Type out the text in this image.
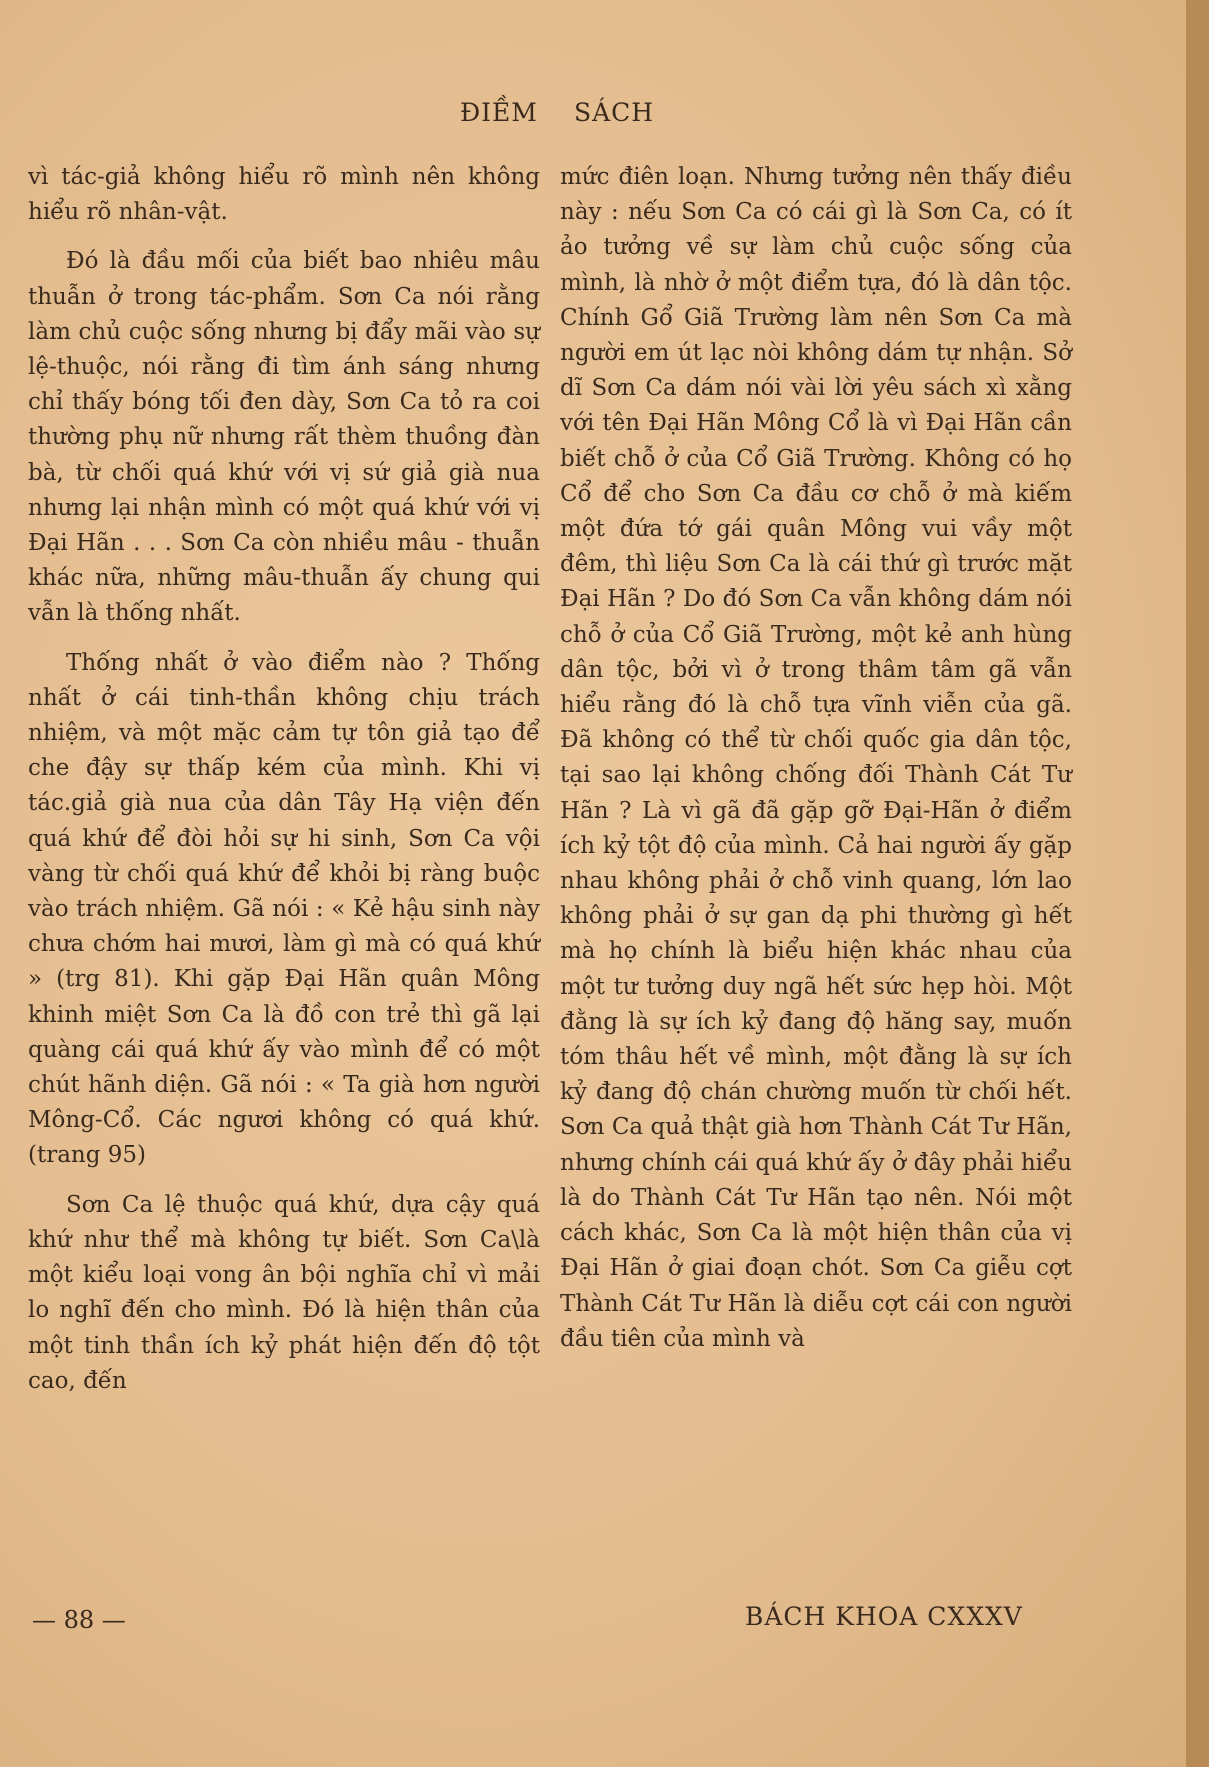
ĐIỀM SÁCH

vì tác-giả không hiểu rõ mình nên không hiểu rõ nhân-vật.

Đó là đầu mối của biết bao nhiêu mâu thuẫn ở trong tác-phẩm. Sơn Ca nói rằng làm chủ cuộc sống nhưng bị đẩy mãi vào sự lệ-thuộc, nói rằng đi tìm ánh sáng nhưng chỉ thấy bóng tối đen dày, Sơn Ca tỏ ra coi thường phụ nữ nhưng rất thèm thuồng đàn bà, từ chối quá khứ với vị sứ giả già nua nhưng lại nhận mình có một quá khứ với vị Đại Hãn . . . Sơn Ca còn nhiều mâu - thuẫn khác nữa, những mâu-thuẫn ấy chung qui vẫn là thống nhất.

Thống nhất ở vào điểm nào ? Thống nhất ở cái tinh-thần không chịu trách nhiệm, và một mặc cảm tự tôn giả tạo để che đậy sự thấp kém của mình. Khi vị tác.giả già nua của dân Tây Hạ viện đến quá khứ để đòi hỏi sự hi sinh, Sơn Ca vội vàng từ chối quá khứ để khỏi bị ràng buộc vào trách nhiệm. Gã nói : « Kẻ hậu sinh này chưa chớm hai mươi, làm gì mà có quá khứ » (trg 81). Khi gặp Đại Hãn quân Mông khinh miệt Sơn Ca là đồ con trẻ thì gã lại quàng cái quá khứ ấy vào mình để có một chút hãnh diện. Gã nói : « Ta già hơn người Mông-Cổ. Các ngươi không có quá khứ. (trang 95)

Sơn Ca lệ thuộc quá khứ, dựa cậy quá khứ như thể mà không tự biết. Sơn Ca\là một kiểu loại vong ân bội nghĩa chỉ vì mải lo nghĩ đến cho mình. Đó là hiện thân của một tinh thần ích kỷ phát hiện đến độ tột cao, đến

mức điên loạn. Nhưng tưởng nên thấy điều này : nếu Sơn Ca có cái gì là Sơn Ca, có ít ảo tưởng về sự làm chủ cuộc sống của mình, là nhờ ở một điểm tựa, đó là dân tộc. Chính Gổ Giã Trường làm nên Sơn Ca mà người em út lạc nòi không dám tự nhận. Sở dĩ Sơn Ca dám nói vài lời yêu sách xì xằng với tên Đại Hãn Mông Cổ là vì Đại Hãn cần biết chỗ ở của Cổ Giã Trường. Không có họ Cổ để cho Sơn Ca đầu cơ chỗ ở mà kiếm một đứa tớ gái quân Mông vui vầy một đêm, thì liệu Sơn Ca là cái thứ gì trước mặt Đại Hãn ? Do đó Sơn Ca vẫn không dám nói chỗ ở của Cổ Giã Trường, một kẻ anh hùng dân tộc, bởi vì ở trong thâm tâm gã vẫn hiểu rằng đó là chỗ tựa vĩnh viễn của gã. Đã không có thể từ chối quốc gia dân tộc, tại sao lại không chống đối Thành Cát Tư Hãn ? Là vì gã đã gặp gỡ Đại-Hãn ở điểm ích kỷ tột độ của mình. Cả hai người ấy gặp nhau không phải ở chỗ vinh quang, lớn lao không phải ở sự gan dạ phi thường gì hết mà họ chính là biểu hiện khác nhau của một tư tưởng duy ngã hết sức hẹp hòi. Một đằng là sự ích kỷ đang độ hăng say, muốn tóm thâu hết về mình, một đằng là sự ích kỷ đang độ chán chường muốn từ chối hết. Sơn Ca quả thật già hơn Thành Cát Tư Hãn, nhưng chính cái quá khứ ấy ở đây phải hiểu là do Thành Cát Tư Hãn tạo nên. Nói một cách khác, Sơn Ca là một hiện thân của vị Đại Hãn ở giai đoạn chót. Sơn Ca giễu cợt Thành Cát Tư Hãn là diễu cợt cái con người đầu tiên của mình và

— 88 —	BÁCH KHOA CXXXV
